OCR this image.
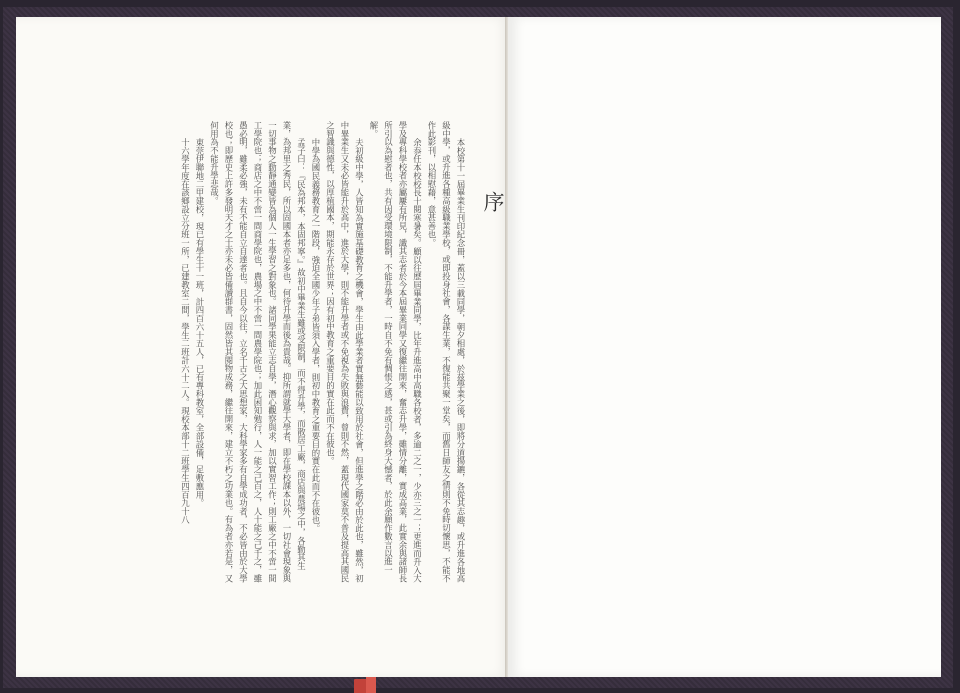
序

本校第十一屆畢業生刊印紀念冊，蓋以三載同學，朝夕相處，於茲學業之後，即將分道揚鑣，各從其志趣，或升進各地高級中學，或升進各種高級職業學校，或即投身社會，各謀生業，不復能共聚一堂矣，而舊日師友之情則不免時切懷思，不能不作此影刊，以相慰藉，意甚善也。

余忝任本校校長十閱寒暑矣。顧以往歷屆畢業同學，比年升進高中高職各校者，多逾二之一，少亦三之一；更進而升入大學及專科學校者亦屬屢有所見，識其志者於今本屆畢業同學又復繼往開來，奮志升學，雖情分離，實成高業，此實余與諸師長所引以為慰者也，共有因受環境限制，不能升學者，一時自不免有惆悵之感，甚或引為終身大憾者，於此余願作數言以進一解。

夫初級中學，人皆知為實施基礎教育之機會，學生由此學業者實無藝能以致用於社會，但進學之階必由於此也，雖然，初中畢業生又未必皆能升於高中，進於大學，則不能升學者或不免視為失敗與浪費，曾則不然，蓋現代國家莫不普及提高其國民之智識與德性，以厚植國本，期能永存於世界；因有初中教育之重要目的實在此而不在彼也。

中學為國民義務教育之一階段，強迫全國少年子弟皆須入學者，則初中教育之重要目的實在此而不在彼也。

孟子曰：『民為邦本，本固邦寧。』故初中畢業生雖或受限制，而不得升學，而散居工廠，商店與農場之中，各勤其生業，為邦里之秀民，所以固國本者亦足多也，何待升學而後為貴哉。抑所謂就學大學者，即在學校課本以外，一切社會現象與一切事物之動靜通變皆為個人一生學習之對象也。諸同學果能立志自學，潛心觀察與求，加以實習工作；則工廠之中不啻一間工學院也；商店之中不啻一間商學院也，農場之中不啻一間農學院也；加此困知勉行，人一能之己百之，人十能之己千之，雖愚必明，雖柔必強，未有不能自立自達者也。且自今以往，立名千古之大思想家，大科學家多有自學成功者，不必皆由於大學校也；即歷史上許多發明天才之士亦未必皆備讀群書，固然皆其閱物成務，繼往開來，建立不朽之功業也。有為者亦若是，又何用為不能升學悲哉。

東莞伊聯地二甲建校，現已有學生十一班，計四百六十五人，已有專科教室，全部設備，足敷應用。

十六學年度在該鄉設立分班一所，已建教室二間，學生二班計六十二人。現校本部十二班學生四百九十八
